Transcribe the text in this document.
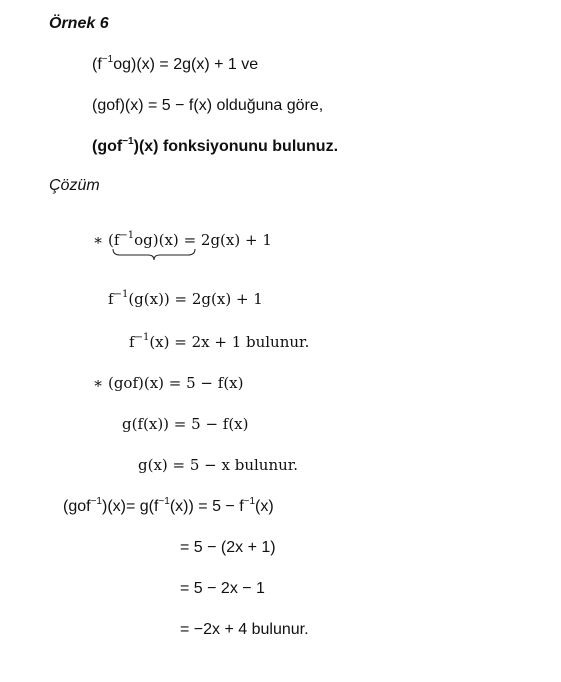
Örnek 6
$(f^{-1}og)(x) = 2g(x) + 1$ ve
(gof)(x) = 5 − f(x) olduğuna göre,
(gof$^{-1}$)(x) fonksiyonunu bulunuz.
Çözüm
∗ $(f^{-1}og)(x) = 2g(x) + 1$
$f^{-1}(g(x)) = 2g(x) + 1$
$f^{-1}(x) = 2x + 1$ bulunur.
∗ (gof)(x) = 5 − f(x)
g(f(x)) = 5 − f(x)
g(x) = 5 − x bulunur.
$(gof^{-1})(x)= g(f^{-1}(x)) = 5 - f^{-1}(x)$
= 5 − (2x + 1)
= 5 − 2x − 1
= −2x + 4 bulunur.
